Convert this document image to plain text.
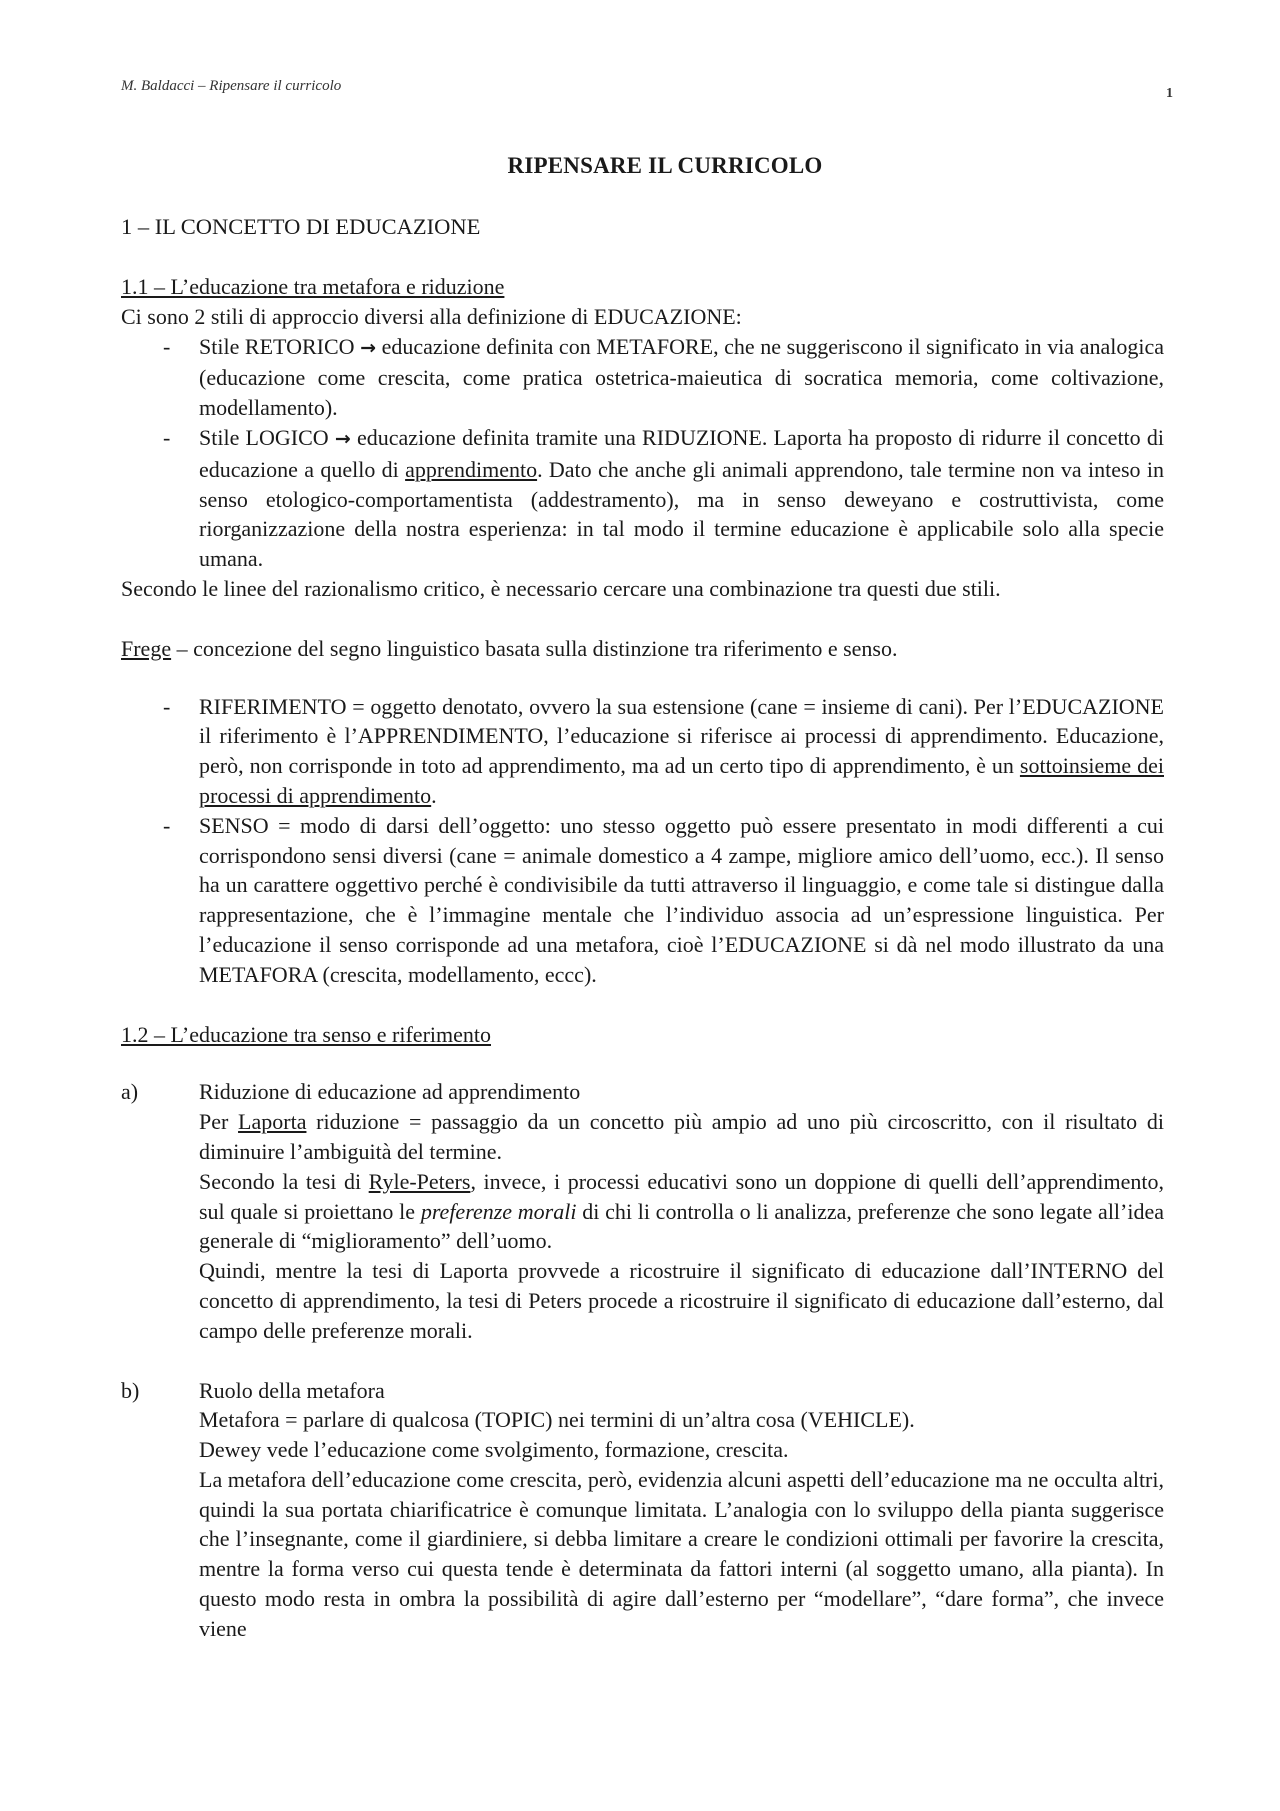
M. Baldacci – Ripensare il curricolo	1
RIPENSARE IL CURRICOLO
1 – IL CONCETTO DI EDUCAZIONE

1.1 – L’educazione tra metafora e riduzione

Ci sono 2 stili di approccio diversi alla definizione di EDUCAZIONE:

-	Stile RETORICO → educazione definita con METAFORE, che ne suggeriscono il significato in via analogica (educazione come crescita, come pratica ostetrica-maieutica di socratica memoria, come coltivazione, modellamento).
-	Stile LOGICO → educazione definita tramite una RIDUZIONE. Laporta ha proposto di ridurre il concetto di educazione a quello di apprendimento. Dato che anche gli animali apprendono, tale termine non va inteso in senso etologico-comportamentista (addestramento), ma in senso deweyano e costruttivista, come riorganizzazione della nostra esperienza: in tal modo il termine educazione è applicabile solo alla specie umana.

Secondo le linee del razionalismo critico, è necessario cercare una combinazione tra questi due stili.

Frege – concezione del segno linguistico basata sulla distinzione tra riferimento e senso.

-	RIFERIMENTO = oggetto denotato, ovvero la sua estensione (cane = insieme di cani). Per l’EDUCAZIONE il riferimento è l’APPRENDIMENTO, l’educazione si riferisce ai processi di apprendimento. Educazione, però, non corrisponde in toto ad apprendimento, ma ad un certo tipo di apprendimento, è un sottoinsieme dei processi di apprendimento.
-	SENSO = modo di darsi dell’oggetto: uno stesso oggetto può essere presentato in modi differenti a cui corrispondono sensi diversi (cane = animale domestico a 4 zampe, migliore amico dell’uomo, ecc.). Il senso ha un carattere oggettivo perché è condivisibile da tutti attraverso il linguaggio, e come tale si distingue dalla rappresentazione, che è l’immagine mentale che l’individuo associa ad un’espressione linguistica. Per l’educazione il senso corrisponde ad una metafora, cioè l’EDUCAZIONE si dà nel modo illustrato da una METAFORA (crescita, modellamento, eccc).

1.2 – L’educazione tra senso e riferimento

a)	Riduzione di educazione ad apprendimento

Per Laporta riduzione = passaggio da un concetto più ampio ad uno più circoscritto, con il risultato di diminuire l’ambiguità del termine.

Secondo la tesi di Ryle-Peters, invece, i processi educativi sono un doppione di quelli dell’apprendimento, sul quale si proiettano le preferenze morali di chi li controlla o li analizza, preferenze che sono legate all’idea generale di “miglioramento” dell’uomo.

Quindi, mentre la tesi di Laporta provvede a ricostruire il significato di educazione dall’INTERNO del concetto di apprendimento, la tesi di Peters procede a ricostruire il significato di educazione dall’esterno, dal campo delle preferenze morali.

b)	Ruolo della metafora

Metafora = parlare di qualcosa (TOPIC) nei termini di un’altra cosa (VEHICLE).

Dewey vede l’educazione come svolgimento, formazione, crescita.

La metafora dell’educazione come crescita, però, evidenzia alcuni aspetti dell’educazione ma ne occulta altri, quindi la sua portata chiarificatrice è comunque limitata. L’analogia con lo sviluppo della pianta suggerisce che l’insegnante, come il giardiniere, si debba limitare a creare le condizioni ottimali per favorire la crescita, mentre la forma verso cui questa tende è determinata da fattori interni (al soggetto umano, alla pianta). In questo modo resta in ombra la possibilità di agire dall’esterno per “modellare”, “dare forma”, che invece viene
